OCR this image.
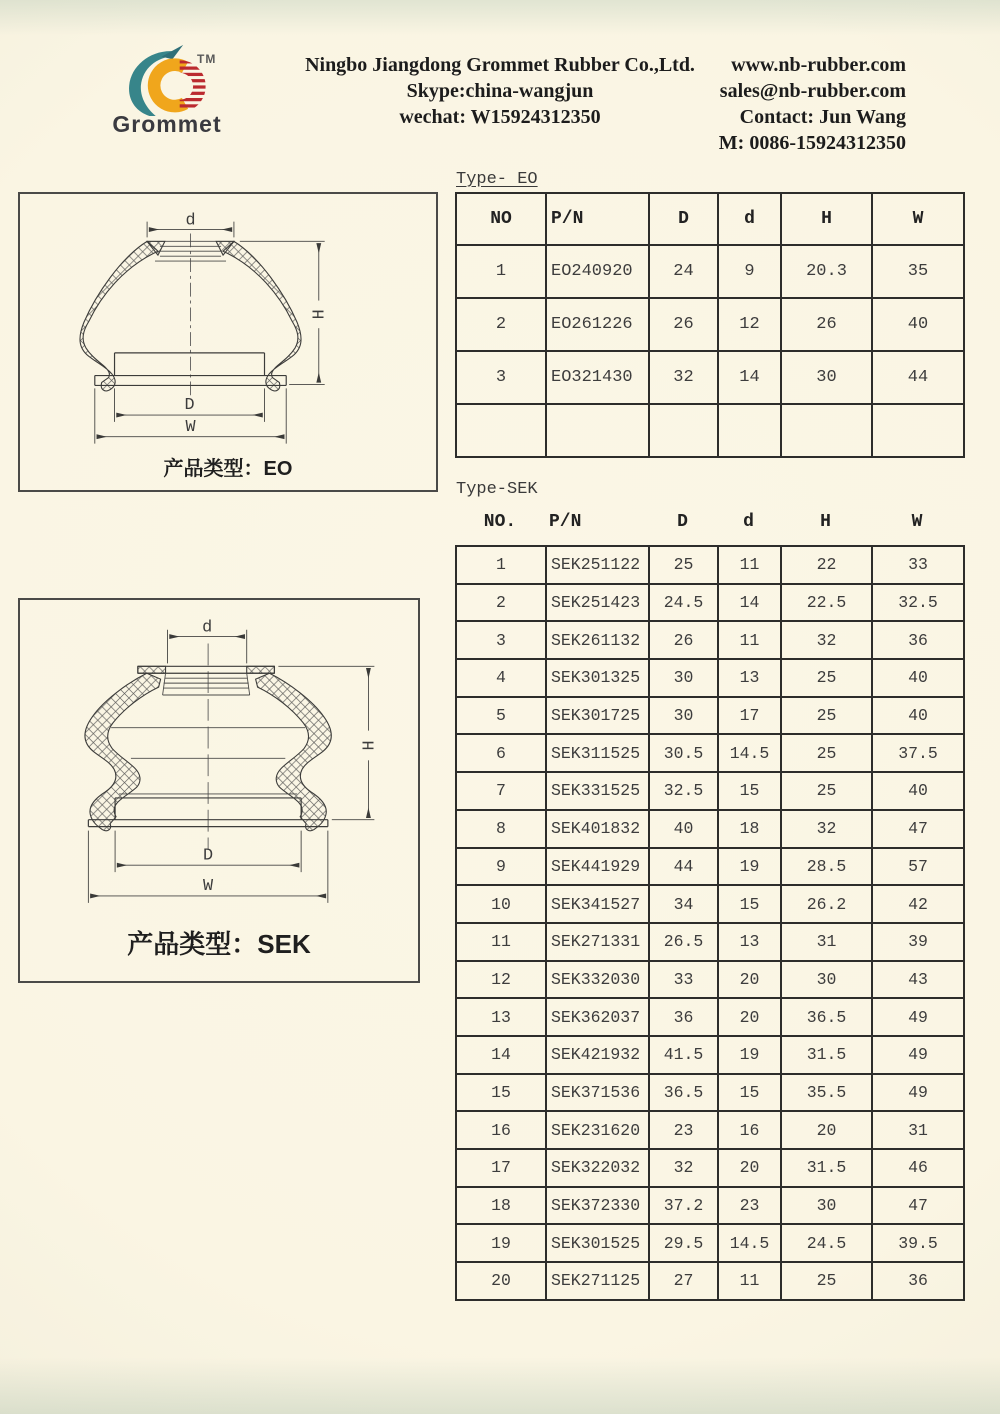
TM
Grommet
Ningbo Jiangdong Grommet Rubber Co.,Ltd.
Skype:china-wangjun
wechat: W15924312350
www.nb-rubber.com
sales@nb-rubber.com
Contact: Jun Wang
M: 0086-15924312350
d
H
D
W
产品类型：EO
d
H
D
W
产品类型：SEK
Type- EO
NO	P/N	D	d	H	W
1	EO240920	24	9	20.3	35
2	EO261226	26	12	26	40
3	EO321430	32	14	30	44

Type-SEK
NO.	P/N	D	d	H	W
1	SEK251122	25	11	22	33
2	SEK251423	24.5	14	22.5	32.5
3	SEK261132	26	11	32	36
4	SEK301325	30	13	25	40
5	SEK301725	30	17	25	40
6	SEK311525	30.5	14.5	25	37.5
7	SEK331525	32.5	15	25	40
8	SEK401832	40	18	32	47
9	SEK441929	44	19	28.5	57
10	SEK341527	34	15	26.2	42
11	SEK271331	26.5	13	31	39
12	SEK332030	33	20	30	43
13	SEK362037	36	20	36.5	49
14	SEK421932	41.5	19	31.5	49
15	SEK371536	36.5	15	35.5	49
16	SEK231620	23	16	20	31
17	SEK322032	32	20	31.5	46
18	SEK372330	37.2	23	30	47
19	SEK301525	29.5	14.5	24.5	39.5
20	SEK271125	27	11	25	36
